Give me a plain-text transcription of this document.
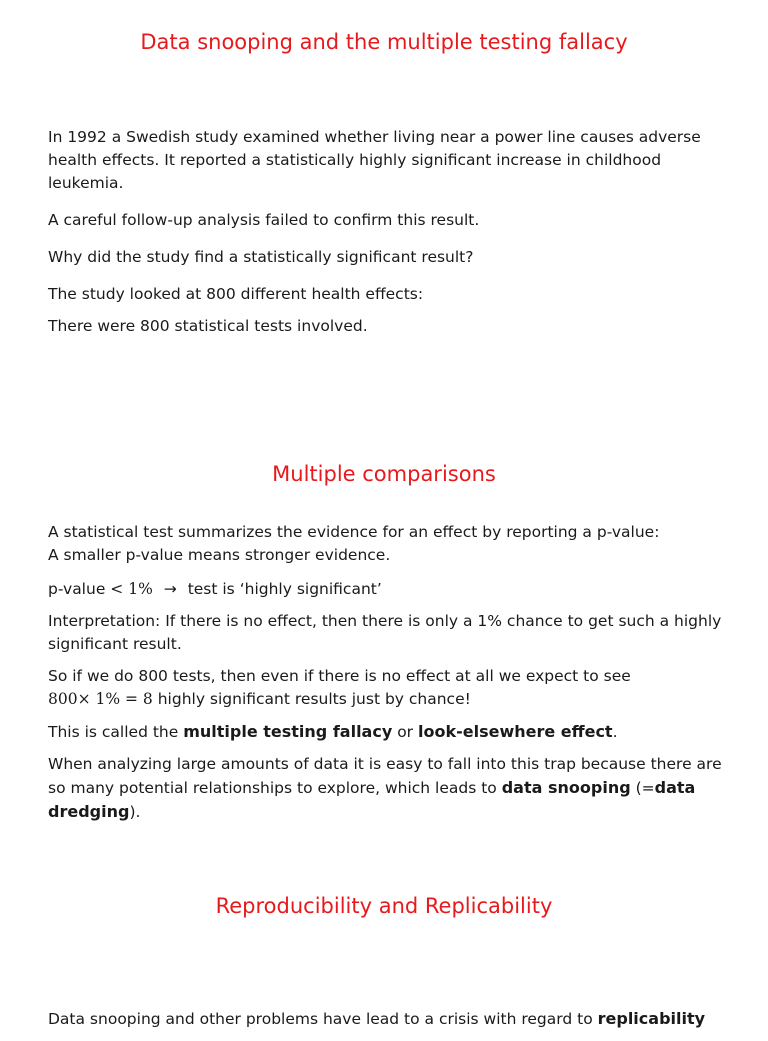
Data snooping and the multiple testing fallacy

In 1992 a Swedish study examined whether living near a power line causes adverse health effects. It reported a statistically highly significant increase in childhood leukemia.

A careful follow-up analysis failed to confirm this result.

Why did the study find a statistically significant result?

The study looked at 800 different health effects:

There were 800 statistical tests involved.

Multiple comparisons

A statistical test summarizes the evidence for an effect by reporting a p-value:
A smaller p-value means stronger evidence.

p-value < 1% → test is ‘highly significant’

Interpretation: If there is no effect, then there is only a 1% chance to get such a highly significant result.

So if we do 800 tests, then even if there is no effect at all we expect to see
800× 1% = 8 highly significant results just by chance!

This is called the multiple testing fallacy or look-elsewhere effect.

When analyzing large amounts of data it is easy to fall into this trap because there are so many potential relationships to explore, which leads to data snooping (=data dredging).

Reproducibility and Replicability

Data snooping and other problems have lead to a crisis with regard to replicability
